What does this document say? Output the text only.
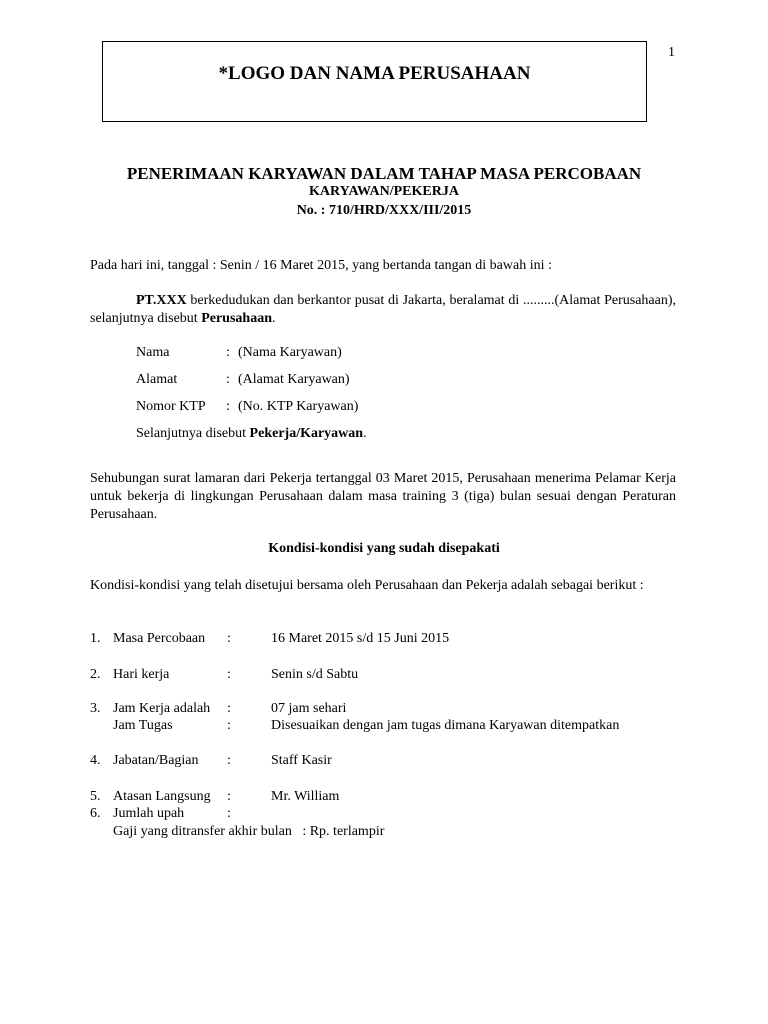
1
*LOGO DAN NAMA PERUSAHAAN
PENERIMAAN KARYAWAN DALAM TAHAP MASA PERCOBAAN
KARYAWAN/PEKERJA
No. : 710/HRD/XXX/III/2015
Pada hari ini, tanggal : Senin / 16 Maret 2015, yang bertanda tangan di bawah ini :
PT.XXX berkedudukan dan berkantor pusat di Jakarta, beralamat di .........(Alamat Perusahaan), selanjutnya disebut Perusahaan.
Nama	: (Nama Karyawan)
Alamat	: (Alamat Karyawan)
Nomor KTP : (No. KTP Karyawan)
Selanjutnya disebut Pekerja/Karyawan.
Sehubungan surat lamaran dari Pekerja tertanggal 03 Maret 2015, Perusahaan menerima Pelamar Kerja untuk bekerja di lingkungan Perusahaan dalam masa training 3 (tiga) bulan sesuai dengan Peraturan Perusahaan.
Kondisi-kondisi yang sudah disepakati
Kondisi-kondisi yang telah disetujui bersama oleh Perusahaan dan Pekerja adalah sebagai berikut :
1. Masa Percobaan :	16 Maret 2015 s/d 15 Juni 2015
2. Hari kerja	:	Senin s/d Sabtu
3. Jam Kerja adalah :	07 jam sehari
Jam Tugas	:	Disesuaikan dengan jam tugas dimana Karyawan ditempatkan
4. Jabatan/Bagian :	Staff Kasir
5. Atasan Langsung :	Mr. William
6. Jumlah upah	:
Gaji yang ditransfer akhir bulan   : Rp. terlampir
